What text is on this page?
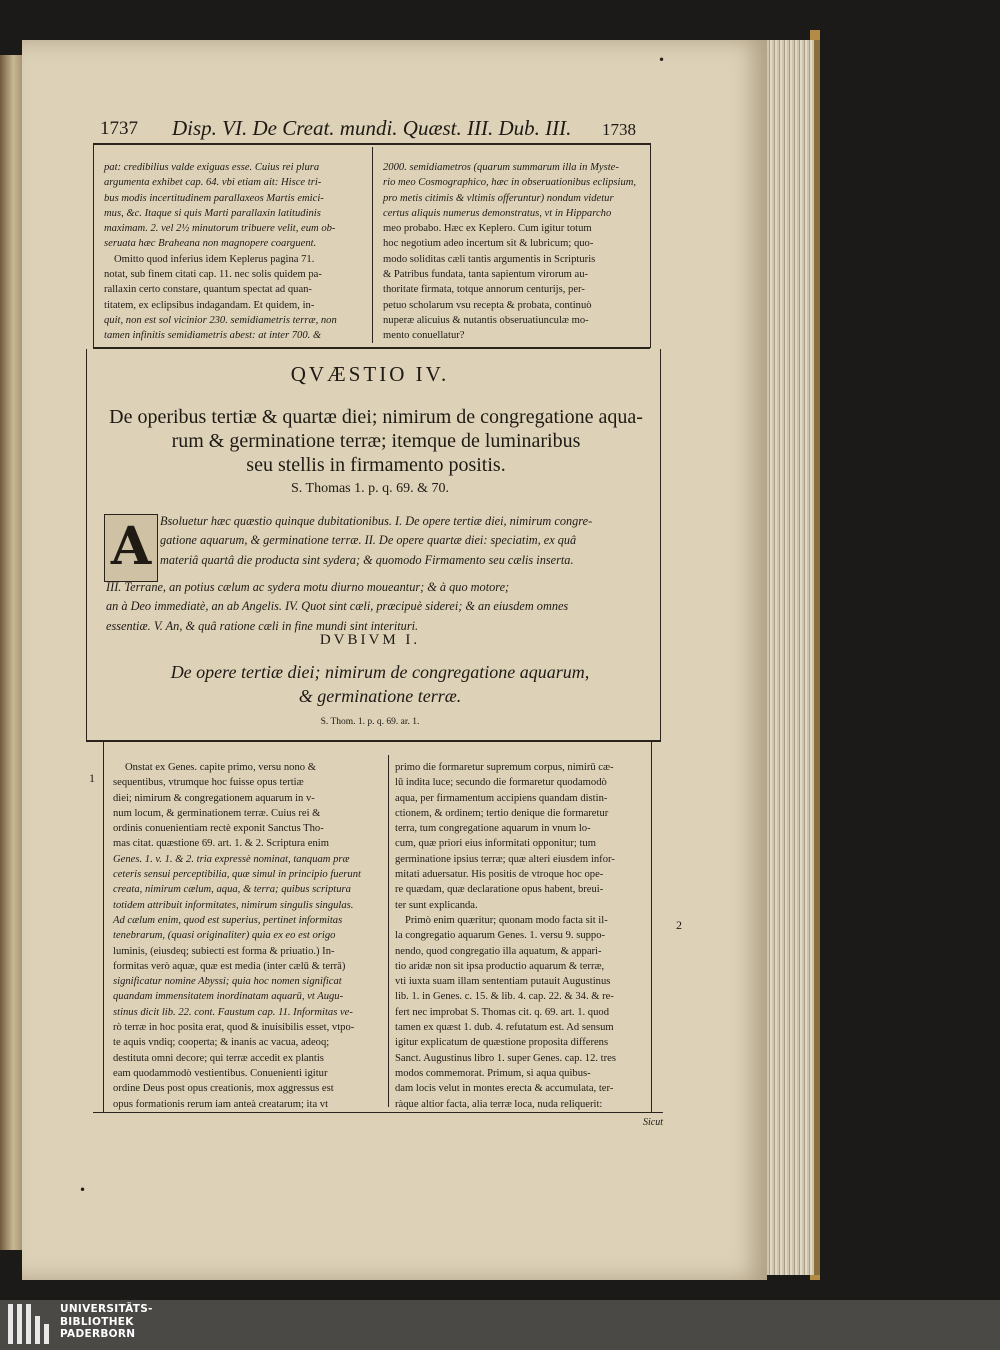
•
1737 Disp. VI. De Creat. mundi. Quæst. III. Dub. III. 1738

pat: credibilius valde exiguas esse. Cuius rei plura

argumenta exhibet cap. 64. vbi etiam ait: Hisce tri-

bus modis incertitudinem parallaxeos Martis emici-

mus, &c. Itaque si quis Marti parallaxin latitudinis

maximam. 2. vel 2½ minutorum tribuere velit, eum ob-

seruata hæc Braheana non magnopere coarguent.

Omitto quod inferius idem Keplerus pagina 71.

notat, sub finem citati cap. 11. nec solis quidem pa-

rallaxin certo constare, quantum spectat ad quan-

titatem, ex eclipsibus indagandam. Et quidem, in-

quit, non est sol vicinior 230. semidiametris terræ, non

tamen infinitis semidiametris abest: at inter 700. &

2000. semidiametros (quarum summarum illa in Myste-

rio meo Cosmographico, hæc in obseruationibus eclipsium,

pro metis citimis & vltimis offeruntur) nondum videtur

certus aliquis numerus demonstratus, vt in Hipparcho

meo probabo. Hæc ex Keplero. Cum igitur totum

hoc negotium adeo incertum sit & lubricum; quo-

modo soliditas cæli tantis argumentis in Scripturis

& Patribus fundata, tanta sapientum virorum au-

thoritate firmata, totque annorum centurijs, per-

petuo scholarum vsu recepta & probata, continuò

nuperæ alicuius & nutantis obseruatiunculæ mo-

mento conuellatur?

QVÆSTIO IV.
De operibus tertiæ & quartæ diei; nimirum de congregatione aqua-
rum & germinatione terræ; itemque de luminaribus
seu stellis in firmamento positis.
S. Thomas 1. p. q. 69. & 70.
A Bsoluetur hæc quæstio quinque dubitationibus. I. De opere tertiæ diei, nimirum congre-
gatione aquarum, & germinatione terræ. II. De opere quartæ diei: speciatim, ex quâ
materiâ quartâ die producta sint sydera; & quomodo Firmamento seu cælis inserta.
III. Terrane, an potius cælum ac sydera motu diurno moueantur; & à quo motore;
an à Deo immediatè, an ab Angelis. IV. Quot sint cæli, præcipuè siderei; & an eiusdem omnes
essentiæ. V. An, & quâ ratione cæli in fine mundi sint interituri.
DVBIVM I.
De opere tertiæ diei; nimirum de congregatione aquarum,
& germinatione terræ.
S. Thom. 1. p. q. 69. ar. 1.
1
2

Onstat ex Genes. capite primo, versu nono &

sequentibus, vtrumque hoc fuisse opus tertiæ

diei; nimirum & congregationem aquarum in v-

num locum, & germinationem terræ. Cuius rei &

ordinis conuenientiam rectè exponit Sanctus Tho-

mas citat. quæstione 69. art. 1. & 2. Scriptura enim

Genes. 1. v. 1. & 2. tria expressè nominat, tanquam præ

ceteris sensui perceptibilia, quæ simul in principio fuerunt

creata, nimirum cælum, aqua, & terra; quibus scriptura

totidem attribuit informitates, nimirum singulis singulas.

Ad cælum enim, quod est superius, pertinet informitas

tenebrarum, (quasi originaliter) quia ex eo est origo

luminis, (eiusdeq; subiecti est forma & priuatio.) In-

formitas verò aquæ, quæ est media (inter cælū & terrā)

significatur nomine Abyssi; quia hoc nomen significat

quandam immensitatem inordinatam aquarū, vt Augu-

stinus dicit lib. 22. cont. Faustum cap. 11. Informitas ve-

rò terræ in hoc posita erat, quod & inuisibilis esset, vtpo-

te aquis vndiq; cooperta; & inanis ac vacua, adeoq;

destituta omni decore; qui terræ accedit ex plantis

eam quodammodò vestientibus. Conuenienti igitur

ordine Deus post opus creationis, mox aggressus est

opus formationis rerum iam anteà creatarum; ita vt

primo die formaretur supremum corpus, nimirū cæ-

lū indita luce; secundo die formaretur quodamodò

aqua, per firmamentum accipiens quandam distin-

ctionem, & ordinem; tertio denique die formaretur

terra, tum congregatione aquarum in vnum lo-

cum, quæ priori eius informitati opponitur; tum

germinatione ipsius terræ; quæ alteri eiusdem infor-

mitati aduersatur. His positis de vtroque hoc ope-

re quædam, quæ declaratione opus habent, breui-

ter sunt explicanda.

Primò enim quæritur; quonam modo facta sit il-

la congregatio aquarum Genes. 1. versu 9. suppo-

nendo, quod congregatio illa aquatum, & appari-

tio aridæ non sit ipsa productio aquarum & terræ,

vti iuxta suam illam sententiam putauit Augustinus

lib. 1. in Genes. c. 15. & lib. 4. cap. 22. & 34. & re-

fert nec improbat S. Thomas cit. q. 69. art. 1. quod

tamen ex quæst 1. dub. 4. refutatum est. Ad sensum

igitur explicatum de quæstione proposita differens

Sanct. Augustinus libro 1. super Genes. cap. 12. tres

modos commemorat. Primum, si aqua quibus-

dam locis velut in montes erecta & accumulata, ter-

ràque altior facta, alia terræ loca, nuda reliquerit:

Sicut
•
UNIVERSITÄTS-
BIBLIOTHEK
PADERBORN
